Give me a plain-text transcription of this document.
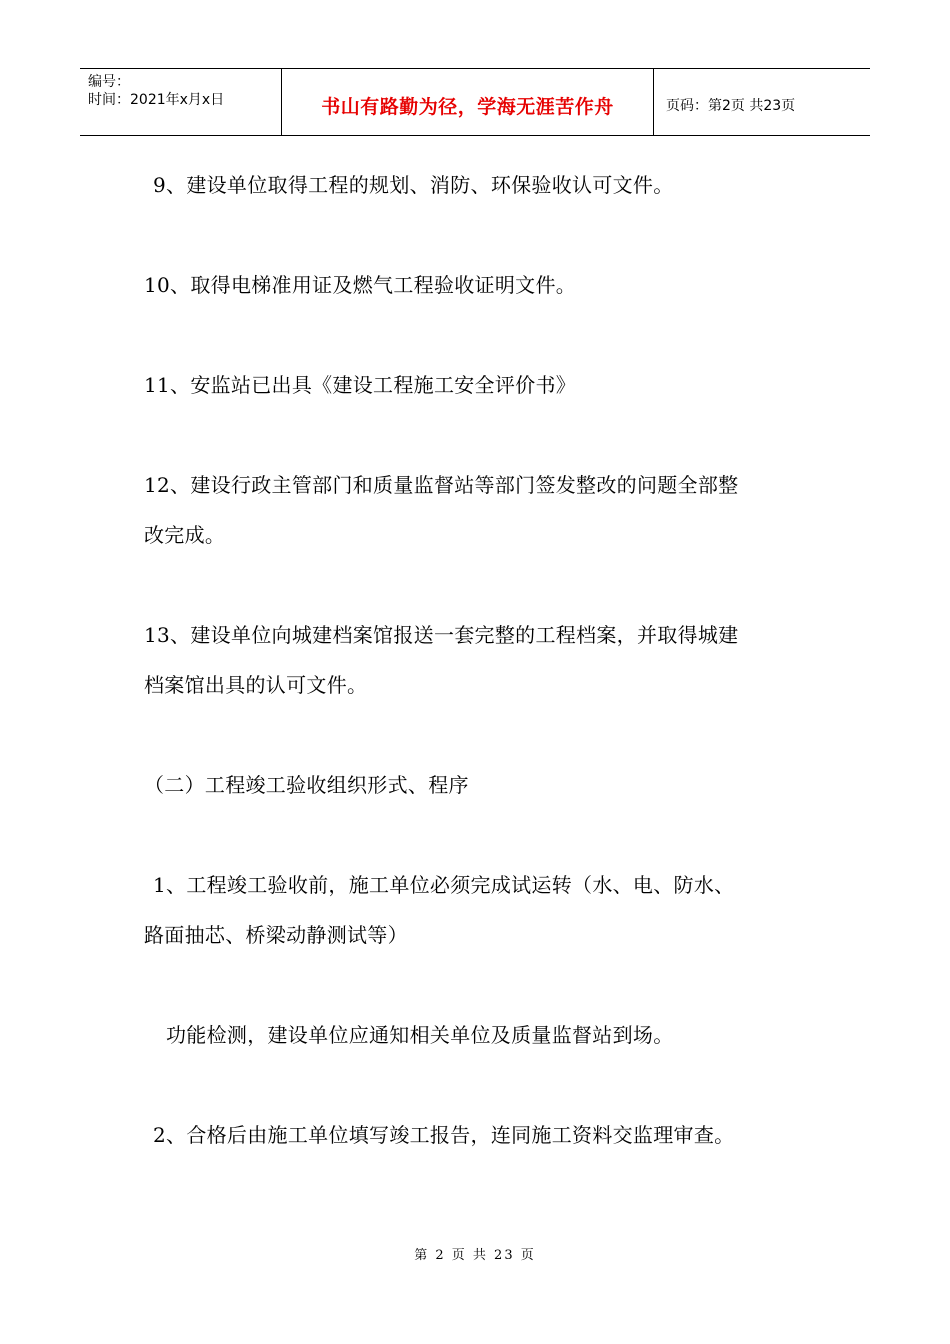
编号：
时间：2021年x月x日	书山有路勤为径，学海无涯苦作舟	页码：第2页 共23页
9、建设单位取得工程的规划、消防、环保验收认可文件。
10、取得电梯准用证及燃气工程验收证明文件。
11、安监站已出具《建设工程施工安全评价书》
12、建设行政主管部门和质量监督站等部门签发整改的问题全部整
改完成。
13、建设单位向城建档案馆报送一套完整的工程档案，并取得城建
档案馆出具的认可文件。
（二）工程竣工验收组织形式、程序
1、工程竣工验收前，施工单位必须完成试运转（水、电、防水、
路面抽芯、桥梁动静测试等）
功能检测，建设单位应通知相关单位及质量监督站到场。
2、合格后由施工单位填写竣工报告，连同施工资料交监理审查。
第 2 页 共 23 页
